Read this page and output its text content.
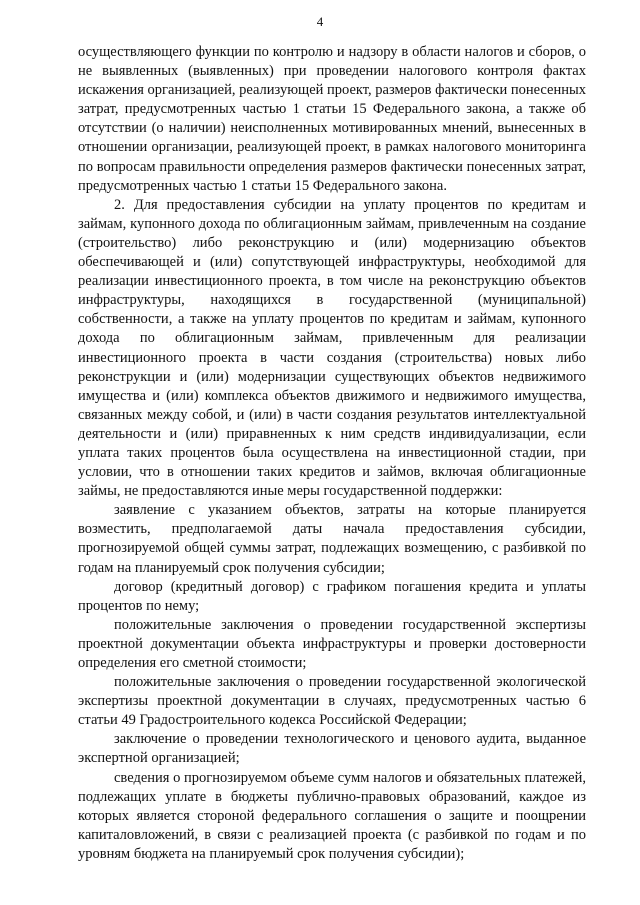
4

осуществляющего функции по контролю и надзору в области налогов и сборов, о не выявленных (выявленных) при проведении налогового контроля фактах искажения организацией, реализующей проект, размеров фактически понесенных затрат, предусмотренных частью 1 статьи 15 Федерального закона, а также об отсутствии (о наличии) неисполненных мотивированных мнений, вынесенных в отношении организации, реализующей проект, в рамках налогового мониторинга по вопросам правильности определения размеров фактически понесенных затрат, предусмотренных частью 1 статьи 15 Федерального закона.

2. Для предоставления субсидии на уплату процентов по кредитам и займам, купонного дохода по облигационным займам, привлеченным на создание (строительство) либо реконструкцию и (или) модернизацию объектов обеспечивающей и (или) сопутствующей инфраструктуры, необходимой для реализации инвестиционного проекта, в том числе на реконструкцию объектов инфраструктуры, находящихся в государственной (муниципальной) собственности, а также на уплату процентов по кредитам и займам, купонного дохода по облигационным займам, привлеченным для реализации инвестиционного проекта в части создания (строительства) новых либо реконструкции и (или) модернизации существующих объектов недвижимого имущества и (или) комплекса объектов движимого и недвижимого имущества, связанных между собой, и (или) в части создания результатов интеллектуальной деятельности и (или) приравненных к ним средств индивидуализации, если уплата таких процентов была осуществлена на инвестиционной стадии, при условии, что в отношении таких кредитов и займов, включая облигационные займы, не предоставляются иные меры государственной поддержки:

заявление с указанием объектов, затраты на которые планируется возместить, предполагаемой даты начала предоставления субсидии, прогнозируемой общей суммы затрат, подлежащих возмещению, с разбивкой по годам на планируемый срок получения субсидии;

договор (кредитный договор) с графиком погашения кредита и уплаты процентов по нему;

положительные заключения о проведении государственной экспертизы проектной документации объекта инфраструктуры и проверки достоверности определения его сметной стоимости;

положительные заключения о проведении государственной экологической экспертизы проектной документации в случаях, предусмотренных частью 6 статьи 49 Градостроительного кодекса Российской Федерации;

заключение о проведении технологического и ценового аудита, выданное экспертной организацией;

сведения о прогнозируемом объеме сумм налогов и обязательных платежей, подлежащих уплате в бюджеты публично-правовых образований, каждое из которых является стороной федерального соглашения о защите и поощрении капиталовложений, в связи с реализацией проекта (с разбивкой по годам и по уровням бюджета на планируемый срок получения субсидии);
